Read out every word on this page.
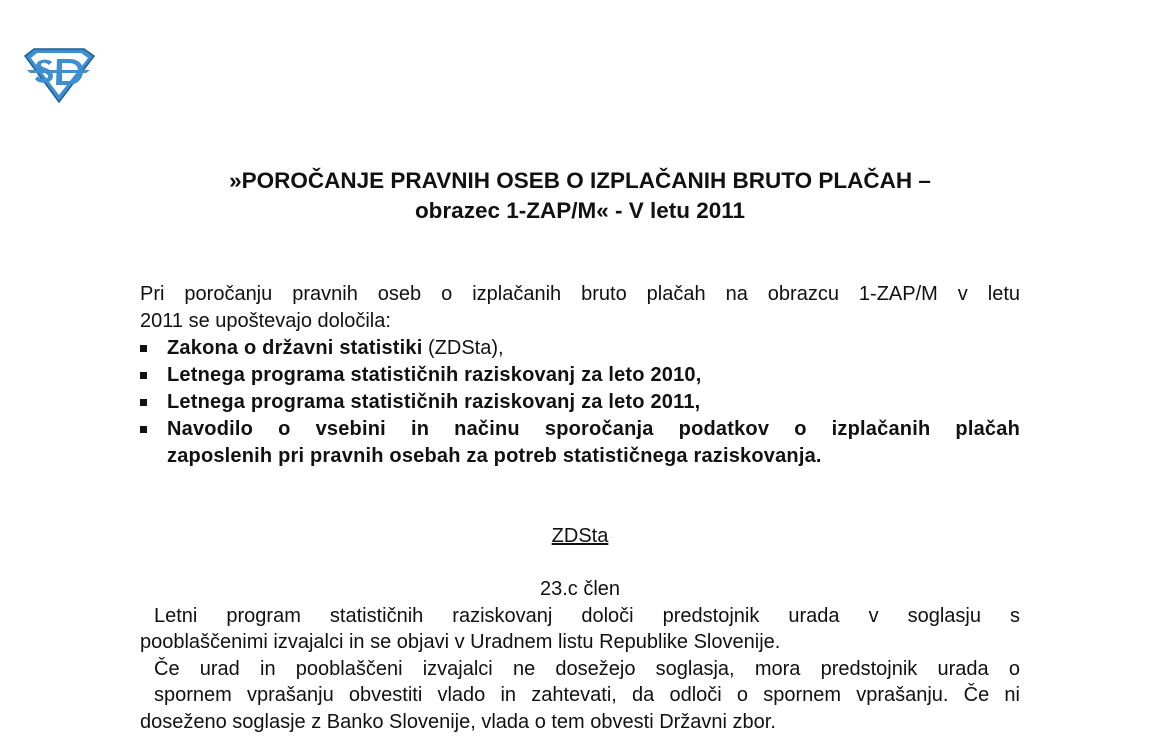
»POROČANJE PRAVNIH OSEB O IZPLAČANIH BRUTO PLAČAH –
obrazec 1-ZAP/M« - V letu 2011
Pri poročanju pravnih oseb o izplačanih bruto plačah na obrazcu 1-ZAP/M v letu
2011 se upoštevajo določila:
Zakona o državni statistiki (ZDSta),
Letnega programa statističnih raziskovanj za leto 2010,
Letnega programa statističnih raziskovanj za leto 2011,
Navodilo o vsebini in načinu sporočanja podatkov o izplačanih plačah
zaposlenih pri pravnih osebah za potreb statističnega raziskovanja.
ZDSta
23.c člen

Letni program statističnih raziskovanj določi predstojnik urada v soglasju s
pooblaščenimi izvajalci in se objavi v Uradnem listu Republike Slovenije.

Če urad in pooblaščeni izvajalci ne dosežejo soglasja, mora predstojnik urada o
spornem vprašanju obvestiti vlado in zahtevati, da odloči o spornem vprašanju. Če ni
doseženo soglasje z Banko Slovenije, vlada o tem obvesti Državni zbor.
